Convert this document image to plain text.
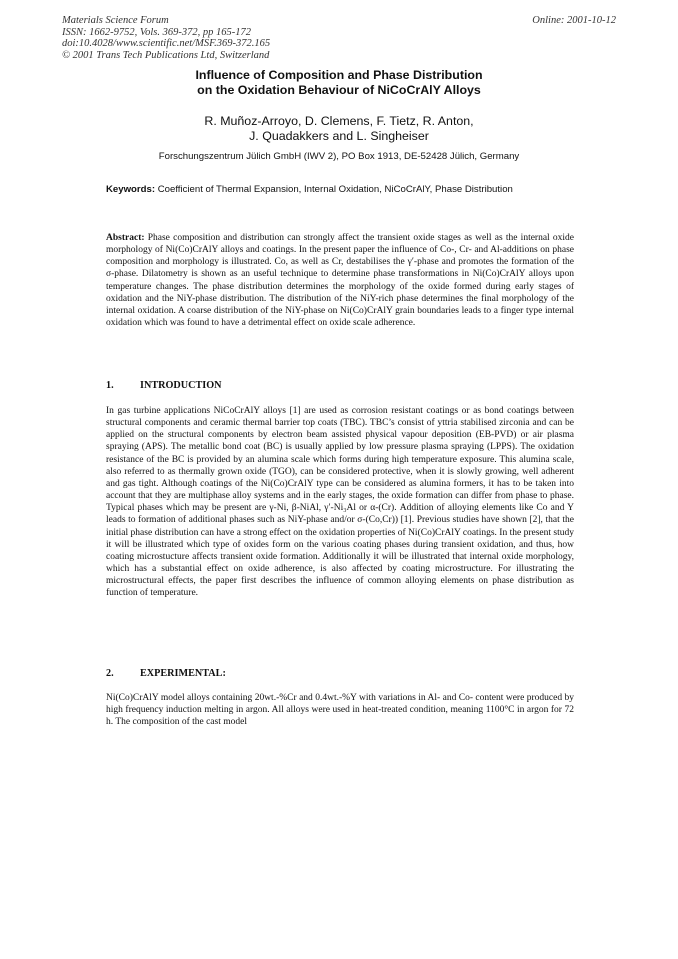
Materials Science Forum
ISSN: 1662-9752, Vols. 369-372, pp 165-172
doi:10.4028/www.scientific.net/MSF.369-372.165
© 2001 Trans Tech Publications Ltd, Switzerland
Online: 2001-10-12
Influence of Composition and Phase Distribution
on the Oxidation Behaviour of NiCoCrAlY Alloys
R. Muñoz-Arroyo, D. Clemens, F. Tietz, R. Anton,
J. Quadakkers and L. Singheiser
Forschungszentrum Jülich GmbH (IWV 2), PO Box 1913, DE-52428 Jülich, Germany
Keywords: Coefficient of Thermal Expansion, Internal Oxidation, NiCoCrAlY, Phase Distribution

Abstract: Phase composition and distribution can strongly affect the transient oxide stages as well as the internal oxide morphology of Ni(Co)CrAlY alloys and coatings. In the present paper the influence of Co-, Cr- and Al-additions on phase composition and morphology is illustrated. Co, as well as Cr, destabilises the γ′-phase and promotes the formation of the σ-phase. Dilatometry is shown as an useful technique to determine phase transformations in Ni(Co)CrAlY alloys upon temperature changes. The phase distribution determines the morphology of the oxide formed during early stages of oxidation and the NiY-phase distribution. The distribution of the NiY-rich phase determines the final morphology of the internal oxidation. A coarse distribution of the NiY-phase on Ni(Co)CrAlY grain boundaries leads to a finger type internal oxidation which was found to have a detrimental effect on oxide scale adherence.

1.	INTRODUCTION

In gas turbine applications NiCoCrAlY alloys [1] are used as corrosion resistant coatings or as bond coatings between structural components and ceramic thermal barrier top coats (TBC). TBC’s consist of yttria stabilised zirconia and can be applied on the structural components by electron beam assisted physical vapour deposition (EB-PVD) or air plasma spraying (APS). The metallic bond coat (BC) is usually applied by low pressure plasma spraying (LPPS). The oxidation resistance of the BC is provided by an alumina scale which forms during high temperature exposure. This alumina scale, also referred to as thermally grown oxide (TGO), can be considered protective, when it is slowly growing, well adherent and gas tight. Although coatings of the Ni(Co)CrAlY type can be considered as alumina formers, it has to be taken into account that they are multiphase alloy systems and in the early stages, the oxide formation can differ from phase to phase. Typical phases which may be present are γ-Ni, β-NiAl, γ′-Ni₃Al or α-(Cr). Addition of alloying elements like Co and Y leads to formation of additional phases such as NiY-phase and/or σ-(Co,Cr)) [1]. Previous studies have shown [2], that the initial phase distribution can have a strong effect on the oxidation properties of Ni(Co)CrAlY coatings. In the present study it will be illustrated which type of oxides form on the various coating phases during transient oxidation, and thus, how coating microstucture affects transient oxide formation. Additionally it will be illustrated that internal oxide morphology, which has a substantial effect on oxide adherence, is also affected by coating microstructure. For illustrating the microstructural effects, the paper first describes the influence of common alloying elements on phase distribution as function of temperature.

2.	EXPERIMENTAL:

Ni(Co)CrAlY model alloys containing 20wt.-%Cr and 0.4wt.-%Y with variations in Al- and Co- content were produced by high frequency induction melting in argon. All alloys were used in heat-treated condition, meaning 1100°C in argon for 72 h. The composition of the cast model
